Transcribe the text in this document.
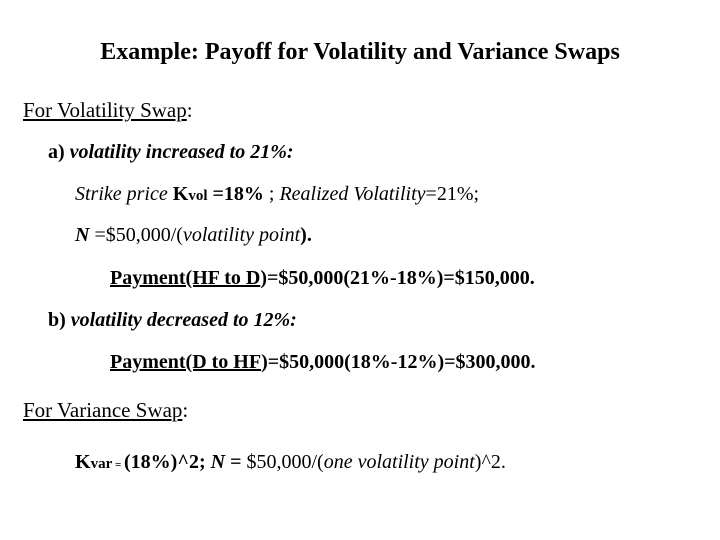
Example: Payoff for Volatility and Variance Swaps
For Volatility Swap:
a) volatility increased to 21%:
Strike price Kvol =18% ; Realized Volatility=21%;
N =$50,000/(volatility point).
Payment(HF to D)=$50,000(21%-18%)=$150,000.
b) volatility decreased to 12%:
Payment(D to HF)=$50,000(18%-12%)=$300,000.
For Variance Swap:
Kvar = (18%)^2; N = $50,000/(one volatility point)^2.
